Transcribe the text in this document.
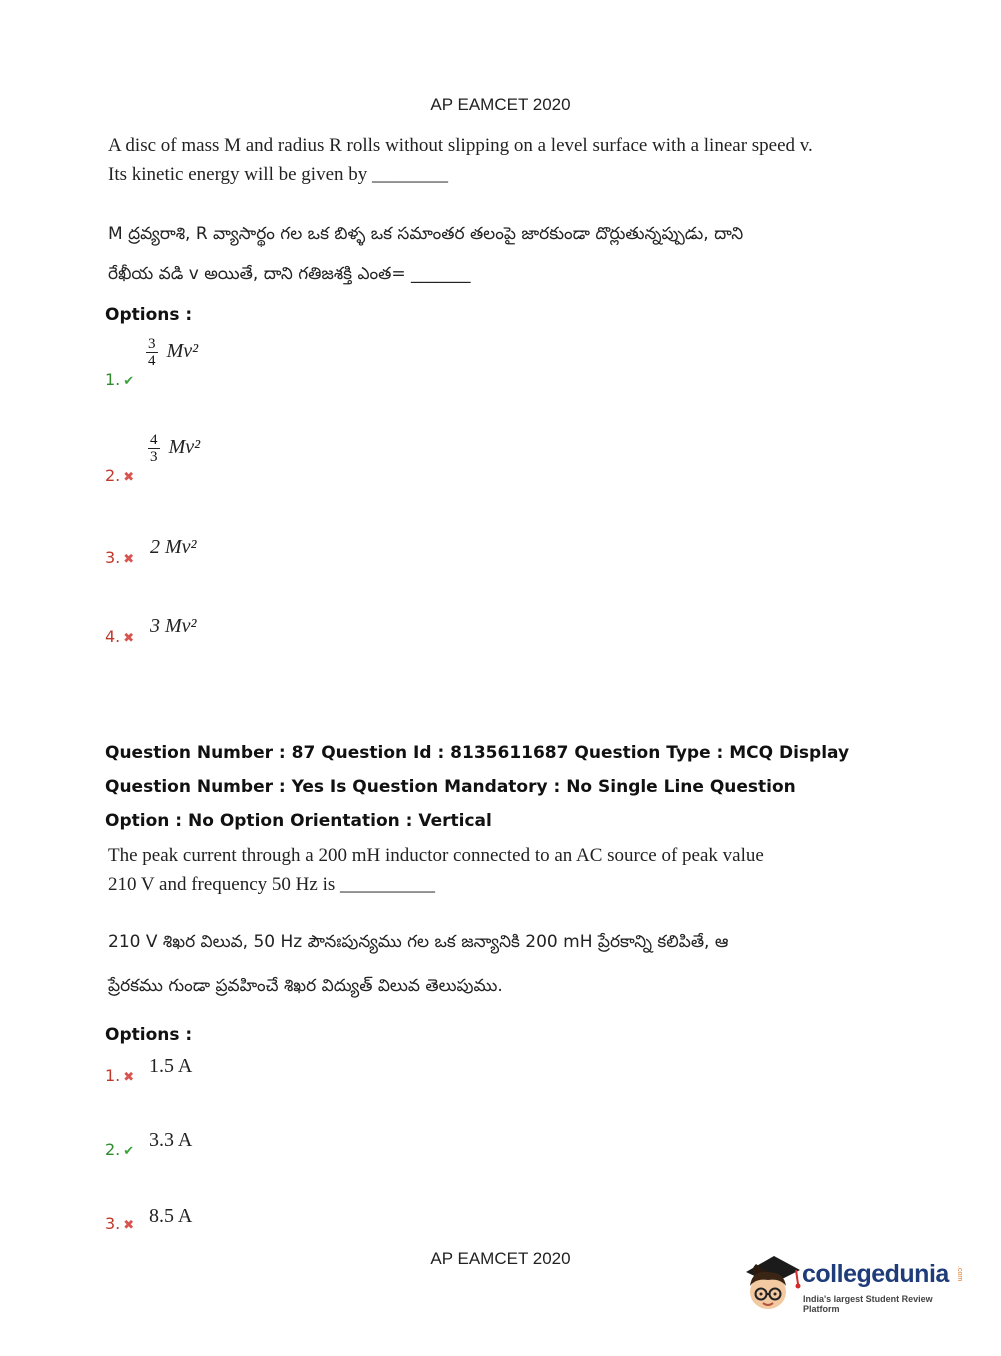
AP EAMCET 2020
A disc of mass M and radius R rolls without slipping on a level surface with a linear speed v.
Its kinetic energy will be given by ________
M ద్రవ్యరాశి, R వ్యాసార్థం గల ఒక బిళ్ళ ఒక సమాంతర తలంపై జారకుండా దొర్లుతున్నప్పుడు, దాని
రేఖీయ వడి v అయితే, దాని గతిజశక్తి ఎంత= _______
Options :
1. ✔
$\frac{3}{4} Mv^2$
2. ✖
$\frac{4}{3} Mv^2$
3. ✖
2 Mv²
4. ✖
3 Mv²
Question Number : 87 Question Id : 8135611687 Question Type : MCQ Display Question Number : Yes Is Question Mandatory : No Single Line Question Option : No Option Orientation : Vertical
The peak current through a 200 mH inductor connected to an AC source of peak value
210 V and frequency 50 Hz is __________
210 V శిఖర విలువ, 50 Hz పౌనఃపున్యము గల ఒక జన్యానికి 200 mH ప్రేరకాన్ని కలిపితే, ఆ
ప్రేరకము గుండా ప్రవహించే శిఖర విద్యుత్ విలువ తెలుపుము.
Options :
1. ✖
1.5 A
2. ✔
3.3 A
3. ✖ 8.5 A
AP EAMCET 2020
collegedunia .com
India's largest Student Review Platform
